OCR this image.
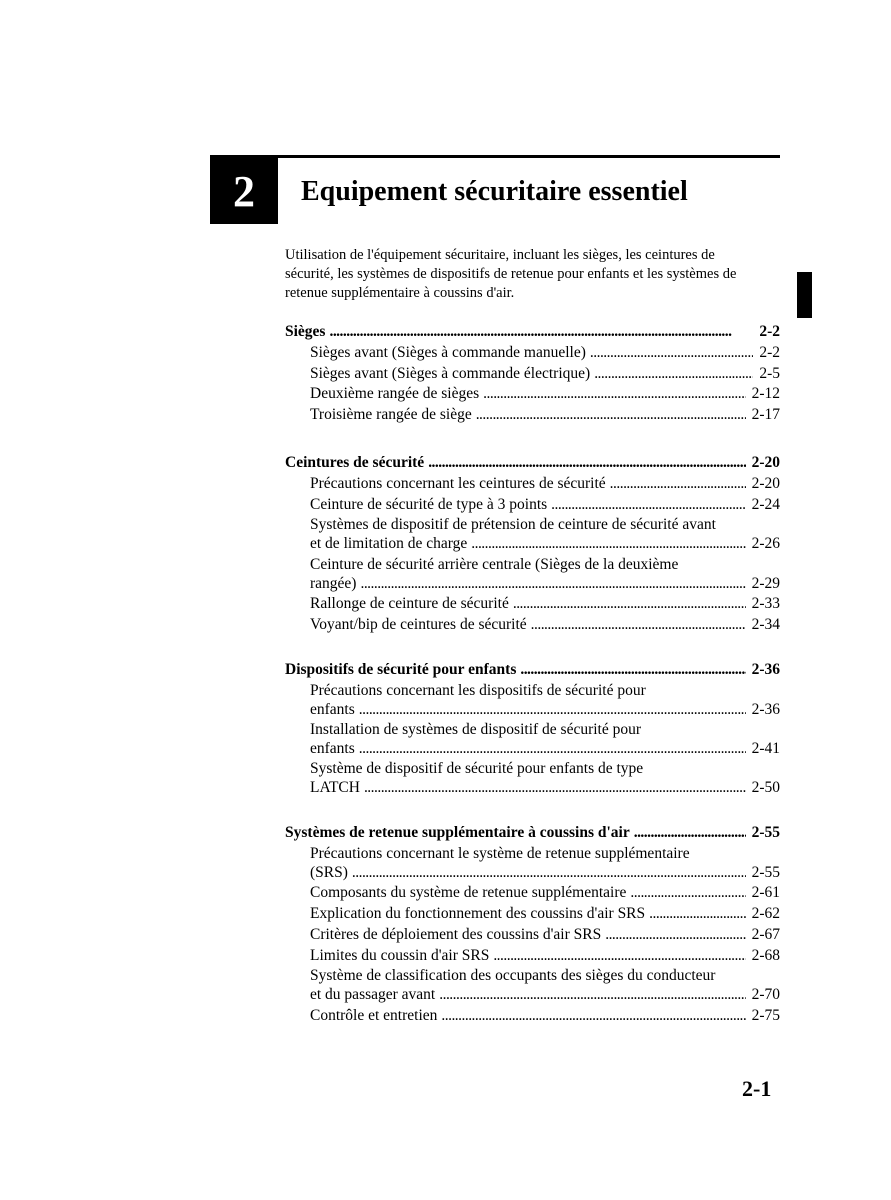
2 Equipement sécuritaire essentiel
Utilisation de l'équipement sécuritaire, incluant les sièges, les ceintures de
sécurité, les systèmes de dispositifs de retenue pour enfants et les systèmes de
retenue supplémentaire à coussins d'air.
Sièges . . .	2-2
Sièges avant (Sièges à commande manuelle) . . .	2-2
Sièges avant (Sièges à commande électrique) . . .	2-5
Deuxième rangée de sièges . . .	2-12
Troisième rangée de siège . . .	2-17
Ceintures de sécurité . . .	2-20
Précautions concernant les ceintures de sécurité . . .	2-20
Ceinture de sécurité de type à 3 points . . .	2-24
Systèmes de dispositif de prétension de ceinture de sécurité avant
et de limitation de charge . . .	2-26
Ceinture de sécurité arrière centrale (Sièges de la deuxième
rangée) . . .	2-29
Rallonge de ceinture de sécurité . . .	2-33
Voyant/bip de ceintures de sécurité . . .	2-34
Dispositifs de sécurité pour enfants . . .	2-36
Précautions concernant les dispositifs de sécurité pour
enfants . . .	2-36
Installation de systèmes de dispositif de sécurité pour
enfants . . .	2-41
Système de dispositif de sécurité pour enfants de type
LATCH . . .	2-50
Systèmes de retenue supplémentaire à coussins d'air . . .	2-55
Précautions concernant le système de retenue supplémentaire
(SRS) . . .	2-55
Composants du système de retenue supplémentaire . . .	2-61
Explication du fonctionnement des coussins d'air SRS . . .	2-62
Critères de déploiement des coussins d'air SRS . . .	2-67
Limites du coussin d'air SRS . . .	2-68
Système de classification des occupants des sièges du conducteur
et du passager avant . . .	2-70
Contrôle et entretien . . .	2-75
2-1
